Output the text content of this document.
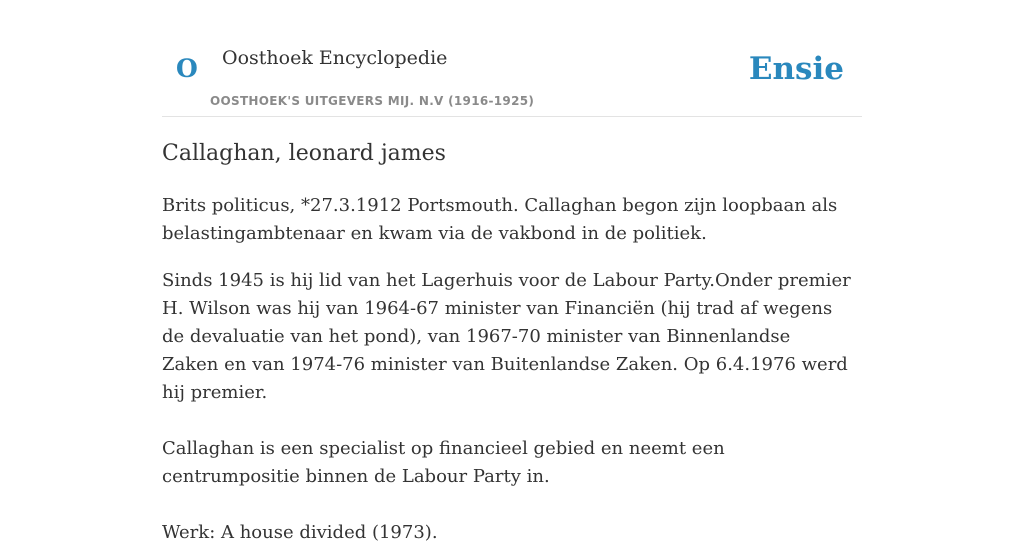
O Oosthoek Encyclopedie
OOSTHOEK'S UITGEVERS MIJ. N.V (1916-1925)
Ensie
Callaghan, leonard james

Brits politicus, *27.3.1912 Portsmouth. Callaghan begon zijn loopbaan als belastingambtenaar en kwam via de vakbond in de politiek.

Sinds 1945 is hij lid van het Lagerhuis voor de Labour Party.Onder premier H. Wilson was hij van 1964-67 minister van Financiën (hij trad af wegens de devaluatie van het pond), van 1967-70 minister van Binnenlandse Zaken en van 1974-76 minister van Buitenlandse Zaken. Op 6.4.1976 werd hij premier.

Callaghan is een specialist op financieel gebied en neemt een centrumpositie binnen de Labour Party in.

Werk: A house divided (1973).
